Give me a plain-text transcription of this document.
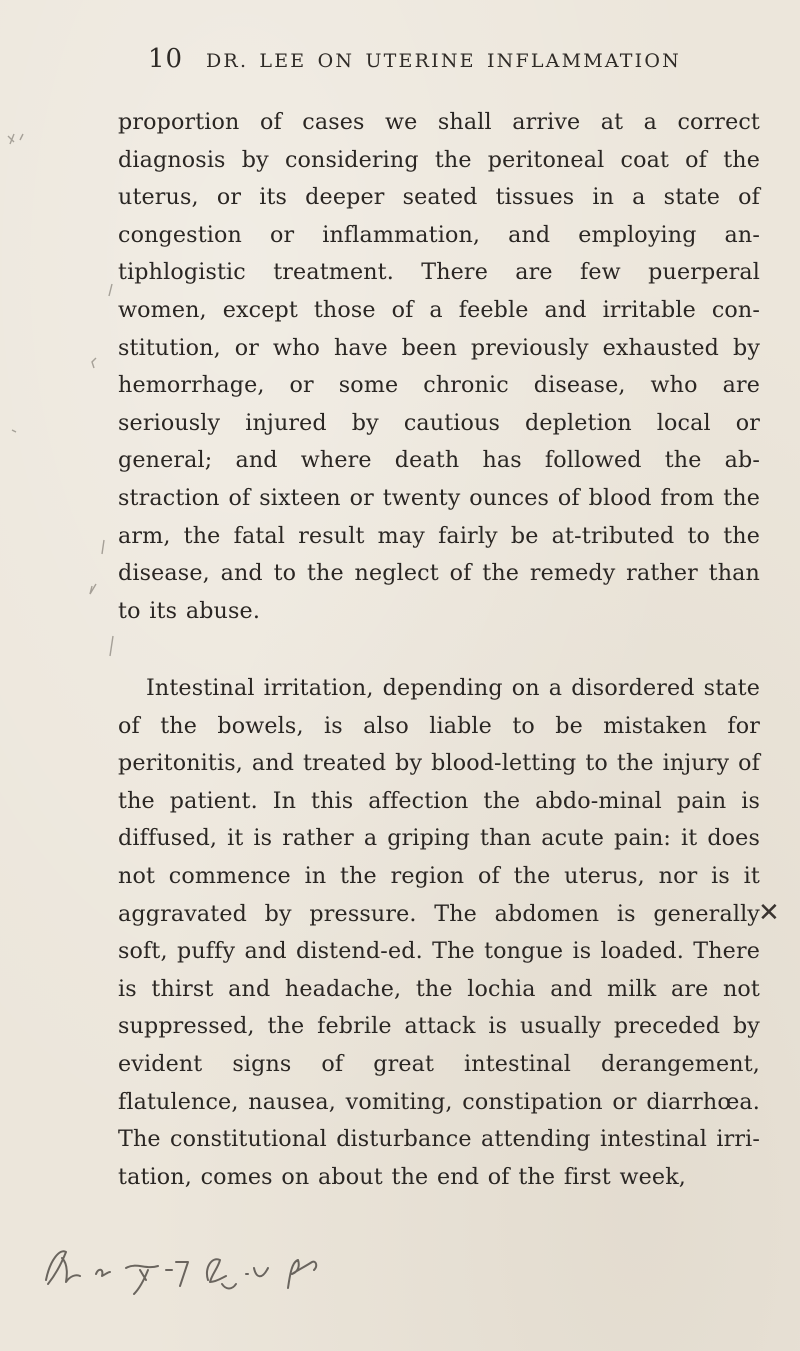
10 DR. LEE ON UTERINE INFLAMMATION

proportion of cases we shall arrive at a correct diagnosis by considering the peritoneal coat of the uterus, or its deeper seated tissues in a state of congestion or inflammation, and employing an-tiphlogistic treatment. There are few puerperal women, except those of a feeble and irritable con-stitution, or who have been previously exhausted by hemorrhage, or some chronic disease, who are seriously injured by cautious depletion local or general; and where death has followed the ab-straction of sixteen or twenty ounces of blood from the arm, the fatal result may fairly be at-tributed to the disease, and to the neglect of the remedy rather than to its abuse.

Intestinal irritation, depending on a disordered state of the bowels, is also liable to be mistaken for peritonitis, and treated by blood-letting to the injury of the patient. In this affection the abdo-minal pain is diffused, it is rather a griping than acute pain: it does not commence in the region of the uterus, nor is it aggravated by pressure. The abdomen is generally soft, puffy and distend-ed. The tongue is loaded. There is thirst and headache, the lochia and milk are not suppressed, the febrile attack is usually preceded by evident signs of great intestinal derangement, flatulence, nausea, vomiting, constipation or diarrhœa. The constitutional disturbance attending intestinal irri-tation, comes on about the end of the first week,

✕
